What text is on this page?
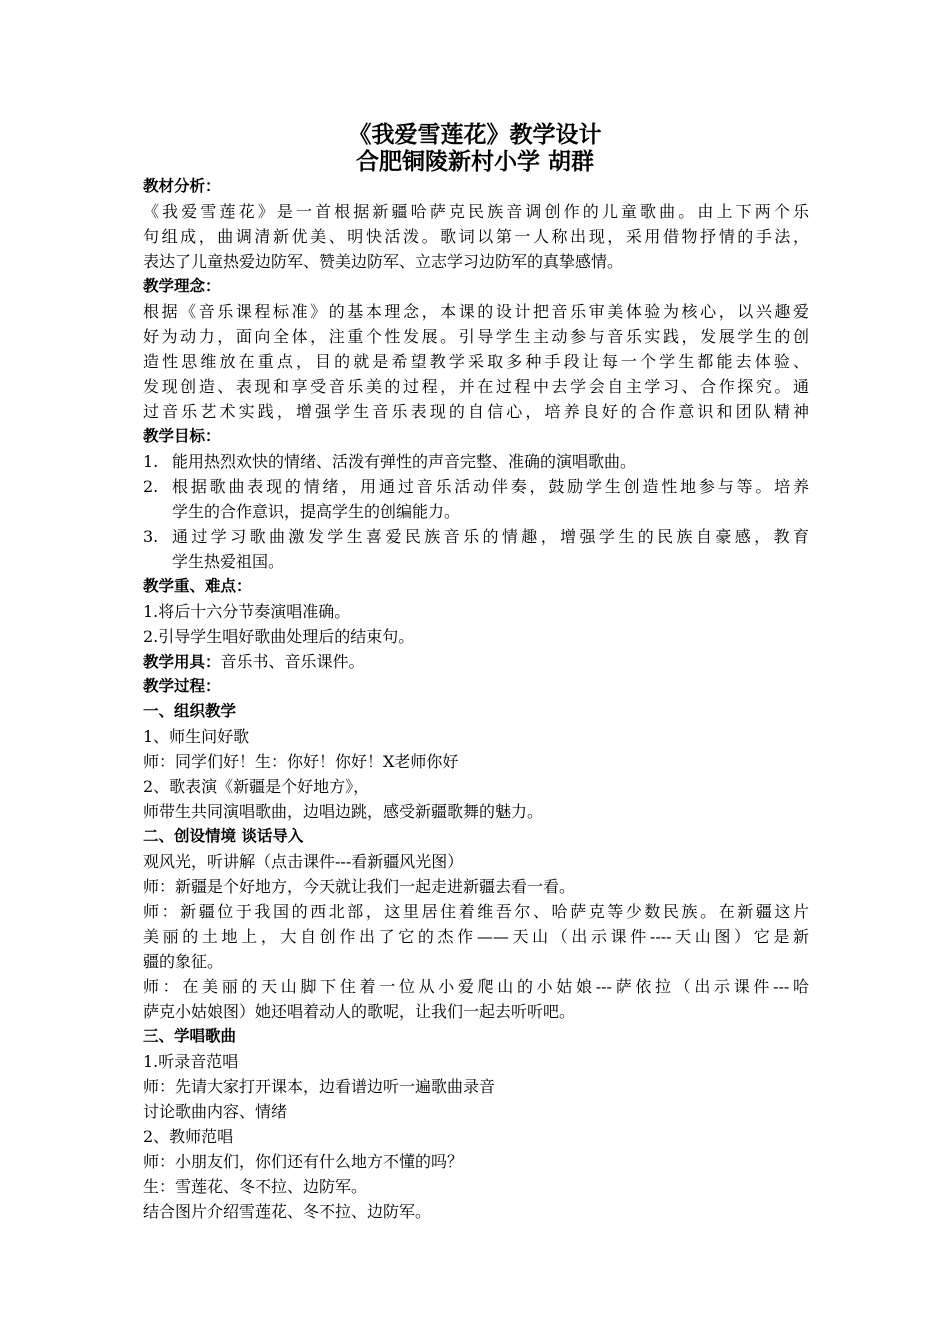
《我爱雪莲花》教学设计
合肥铜陵新村小学 胡群
教材分析：
《我爱雪莲花》是一首根据新疆哈萨克民族音调创作的儿童歌曲。由上下两个乐
句组成，曲调清新优美、明快活泼。歌词以第一人称出现，采用借物抒情的手法，
表达了儿童热爱边防军、赞美边防军、立志学习边防军的真挚感情。
教学理念：
根据《音乐课程标准》的基本理念，本课的设计把音乐审美体验为核心，以兴趣爱
好为动力，面向全体，注重个性发展。引导学生主动参与音乐实践，发展学生的创
造性思维放在重点，目的就是希望教学采取多种手段让每一个学生都能去体验、
发现创造、表现和享受音乐美的过程，并在过程中去学会自主学习、合作探究。通
过音乐艺术实践，增强学生音乐表现的自信心，培养良好的合作意识和团队精神
教学目标：
1. 能用热烈欢快的情绪、活泼有弹性的声音完整、准确的演唱歌曲。
2. 根据歌曲表现的情绪，用通过音乐活动伴奏，鼓励学生创造性地参与等。培养
学生的合作意识，提高学生的创编能力。
3. 通过学习歌曲激发学生喜爱民族音乐的情趣，增强学生的民族自豪感，教育
学生热爱祖国。
教学重、难点：
1.将后十六分节奏演唱准确。
2.引导学生唱好歌曲处理后的结束句。
教学用具：音乐书、音乐课件。
教学过程：
一、组织教学
1、师生问好歌
师：同学们好！生：你好！你好！X老师你好
2、歌表演《新疆是个好地方》，
师带生共同演唱歌曲，边唱边跳，感受新疆歌舞的魅力。
二、创设情境 谈话导入
观风光，听讲解（点击课件---看新疆风光图）
师：新疆是个好地方，今天就让我们一起走进新疆去看一看。
师：新疆位于我国的西北部，这里居住着维吾尔、哈萨克等少数民族。在新疆这片
美丽的土地上，大自创作出了它的杰作——天山（出示课件----天山图）它是新
疆的象征。
师：在美丽的天山脚下住着一位从小爱爬山的小姑娘---萨依拉（出示课件---哈
萨克小姑娘图）她还唱着动人的歌呢，让我们一起去听听吧。
三、学唱歌曲
1.听录音范唱
师：先请大家打开课本，边看谱边听一遍歌曲录音
讨论歌曲内容、情绪
2、教师范唱
师：小朋友们，你们还有什么地方不懂的吗？
生：雪莲花、冬不拉、边防军。
结合图片介绍雪莲花、冬不拉、边防军。
